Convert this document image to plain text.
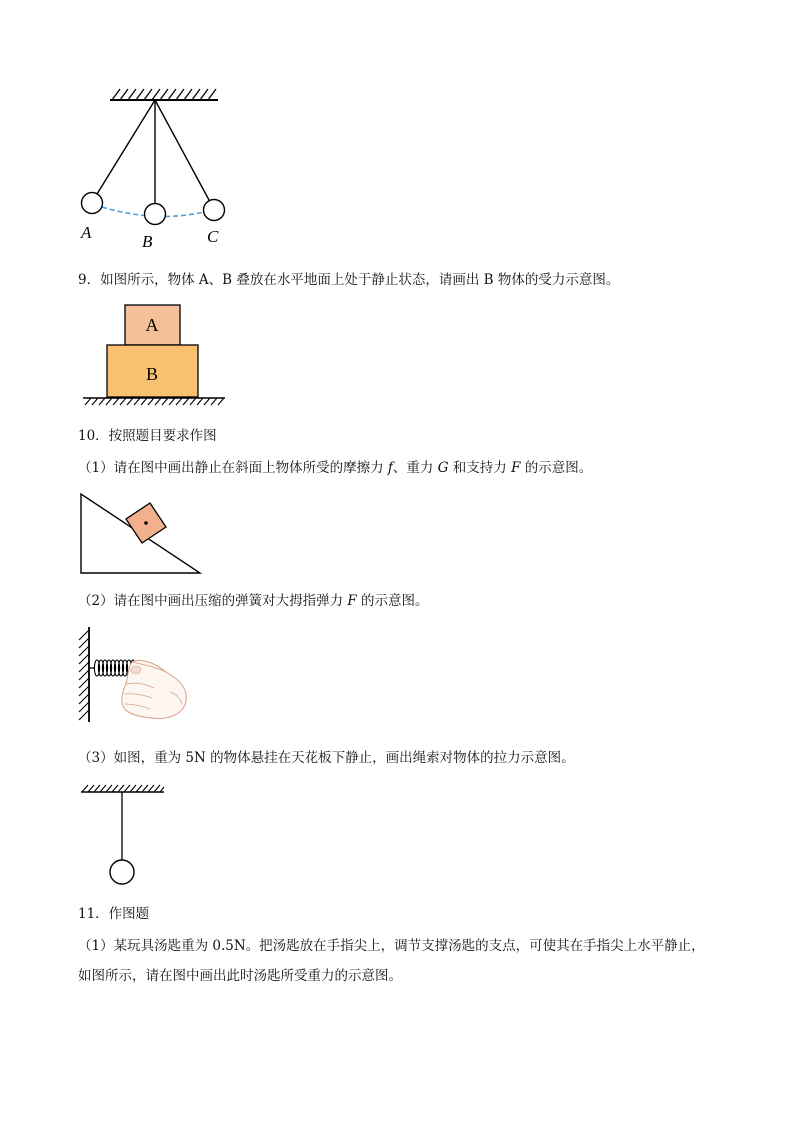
A	B	C
9．如图所示，物体 A、B 叠放在水平地面上处于静止状态，请画出 B 物体的受力示意图。
A
B
10．按照题目要求作图
（1）请在图中画出静止在斜面上物体所受的摩擦力 f、重力 G 和支持力 F 的示意图。
（2）请在图中画出压缩的弹簧对大拇指弹力 F 的示意图。
（3）如图，重为 5N 的物体悬挂在天花板下静止，画出绳索对物体的拉力示意图。
11．作图题
（1）某玩具汤匙重为 0.5N。把汤匙放在手指尖上，调节支撑汤匙的支点，可使其在手指尖上水平静止，
如图所示，请在图中画出此时汤匙所受重力的示意图。
